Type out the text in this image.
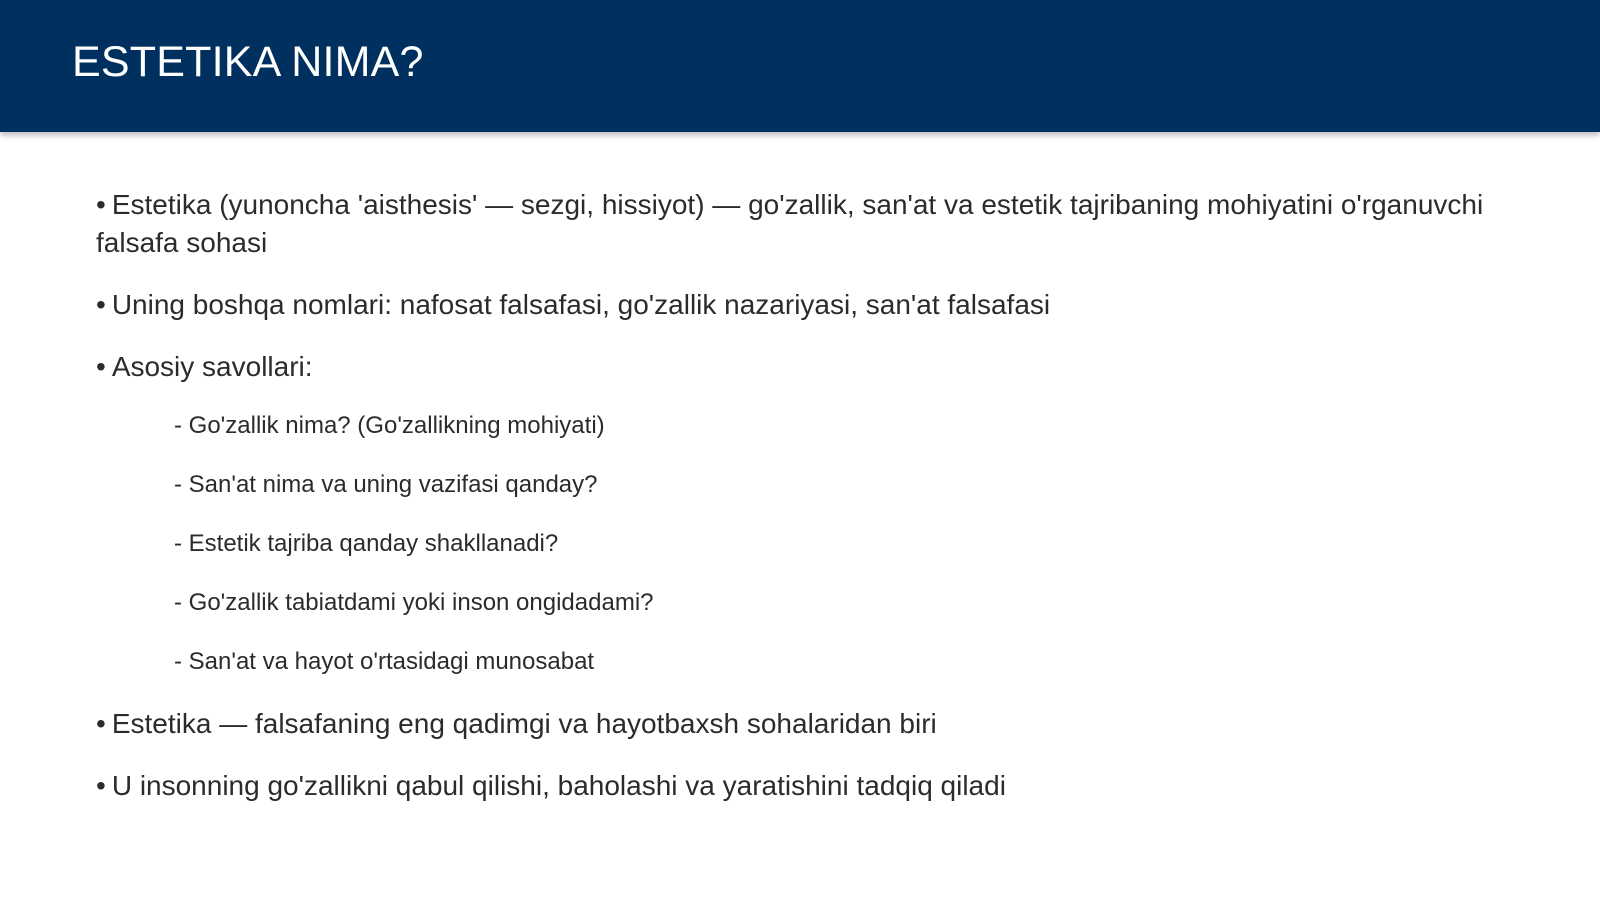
ESTETIKA NIMA?

• Estetika (yunoncha 'aisthesis' — sezgi, hissiyot) — go'zallik, san'at va estetik tajribaning mohiyatini o'rganuvchi falsafa sohasi

• Uning boshqa nomlari: nafosat falsafasi, go'zallik nazariyasi, san'at falsafasi

• Asosiy savollari:

- Go'zallik nima? (Go'zallikning mohiyati)

- San'at nima va uning vazifasi qanday?

- Estetik tajriba qanday shakllanadi?

- Go'zallik tabiatdami yoki inson ongidadami?

- San'at va hayot o'rtasidagi munosabat

• Estetika — falsafaning eng qadimgi va hayotbaxsh sohalaridan biri

• U insonning go'zallikni qabul qilishi, baholashi va yaratishini tadqiq qiladi
